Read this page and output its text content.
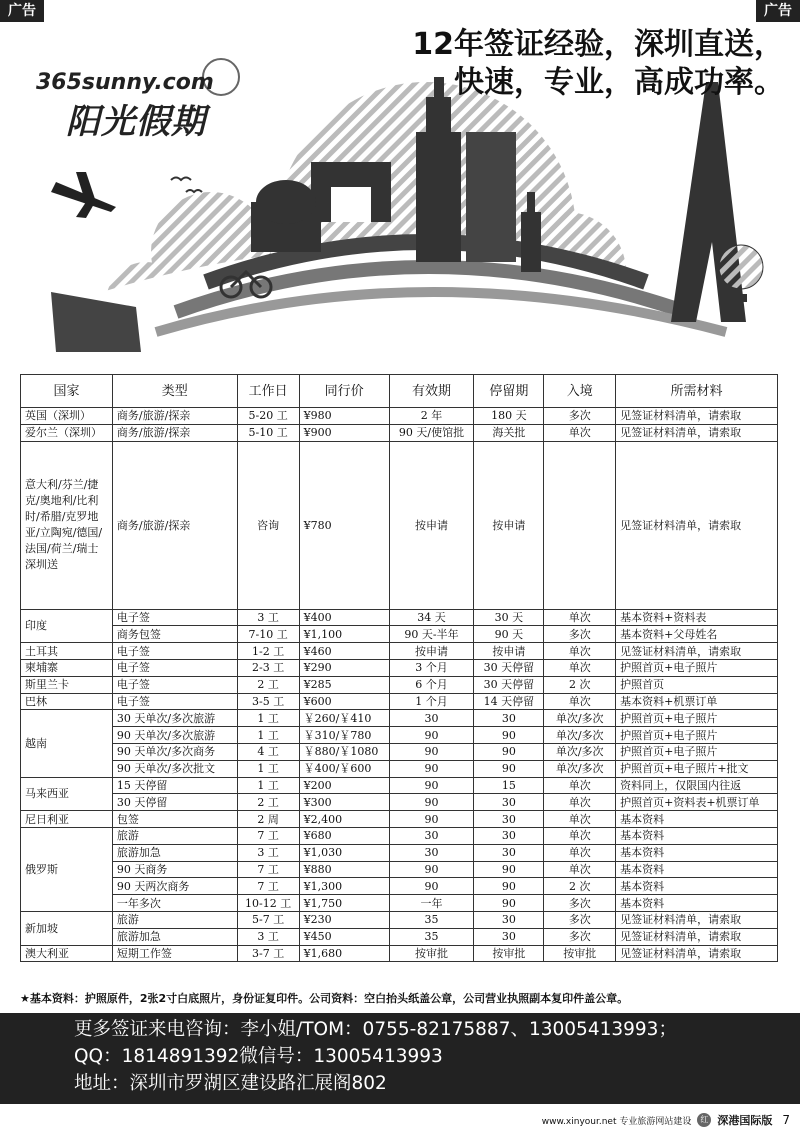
广告	广告
365sunny.com
阳光假期
12年签证经验，深圳直送，
快速，专业，高成功率。
国家	类型	工作日	同行价	有效期	停留期	入境	所需材料
英国（深圳）	商务/旅游/探亲	5-20 工	¥980	2 年	180 天	多次	见签证材料清单，请索取
爱尔兰（深圳）	商务/旅游/探亲	5-10 工	¥900	90 天/使馆批	海关批	单次	见签证材料清单，请索取
意大利/芬兰/捷克/奥地利/比利时/希腊/克罗地亚/立陶宛/德国/法国/荷兰/瑞士 深圳送	商务/旅游/探亲	咨询	¥780	按申请	按申请		见签证材料清单，请索取
印度	电子签	3 工	¥400	34 天	30 天	单次	基本资料+资料表
	商务包签	7-10 工	¥1,100	90 天-半年	90 天	多次	基本资料+父母姓名
土耳其	电子签	1-2 工	¥460	按申请	按申请	单次	见签证材料清单，请索取
柬埔寨	电子签	2-3 工	¥290	3 个月	30 天停留	单次	护照首页+电子照片
斯里兰卡	电子签	2 工	¥285	6 个月	30 天停留	2 次	护照首页
巴林	电子签	3-5 工	¥600	1 个月	14 天停留	单次	基本资料+机票订单
越南	30 天单次/多次旅游	1 工	￥260/￥410	30	30	单次/多次	护照首页+电子照片
	90 天单次/多次旅游	1 工	￥310/￥780	90	90	单次/多次	护照首页+电子照片
	90 天单次/多次商务	4 工	￥880/￥1080	90	90	单次/多次	护照首页+电子照片
	90 天单次/多次批文	1 工	￥400/￥600	90	90	单次/多次	护照首页+电子照片+批文
马来西亚	15 天停留	1 工	¥200	90	15	单次	资料同上，仅限国内往返
	30 天停留	2 工	¥300	90	30	单次	护照首页+资料表+机票订单
尼日利亚	包签	2 周	¥2,400	90	30	单次	基本资料
俄罗斯	旅游	7 工	¥680	30	30	单次	基本资料
	旅游加急	3 工	¥1,030	30	30	单次	基本资料
	90 天商务	7 工	¥880	90	90	单次	基本资料
	90 天两次商务	7 工	¥1,300	90	90	2 次	基本资料
	一年多次	10-12 工	¥1,750	一年	90	多次	基本资料
新加坡	旅游	5-7 工	¥230	35	30	多次	见签证材料清单，请索取
	旅游加急	3 工	¥450	35	30	多次	见签证材料清单，请索取
澳大利亚	短期工作签	3-7 工	¥1,680	按审批	按审批	按审批	见签证材料清单，请索取
★基本资料：护照原件，2张2寸白底照片，身份证复印件。公司资料：空白抬头纸盖公章，公司营业执照副本复印件盖公章。
更多签证来电咨询：李小姐/TOM：0755-82175887、13005413993；
QQ：1814891392微信号：13005413993
地址：深圳市罗湖区建设路汇展阁802
www.xinyour.net 专业旅游网站建设	红 深港国际版 7
